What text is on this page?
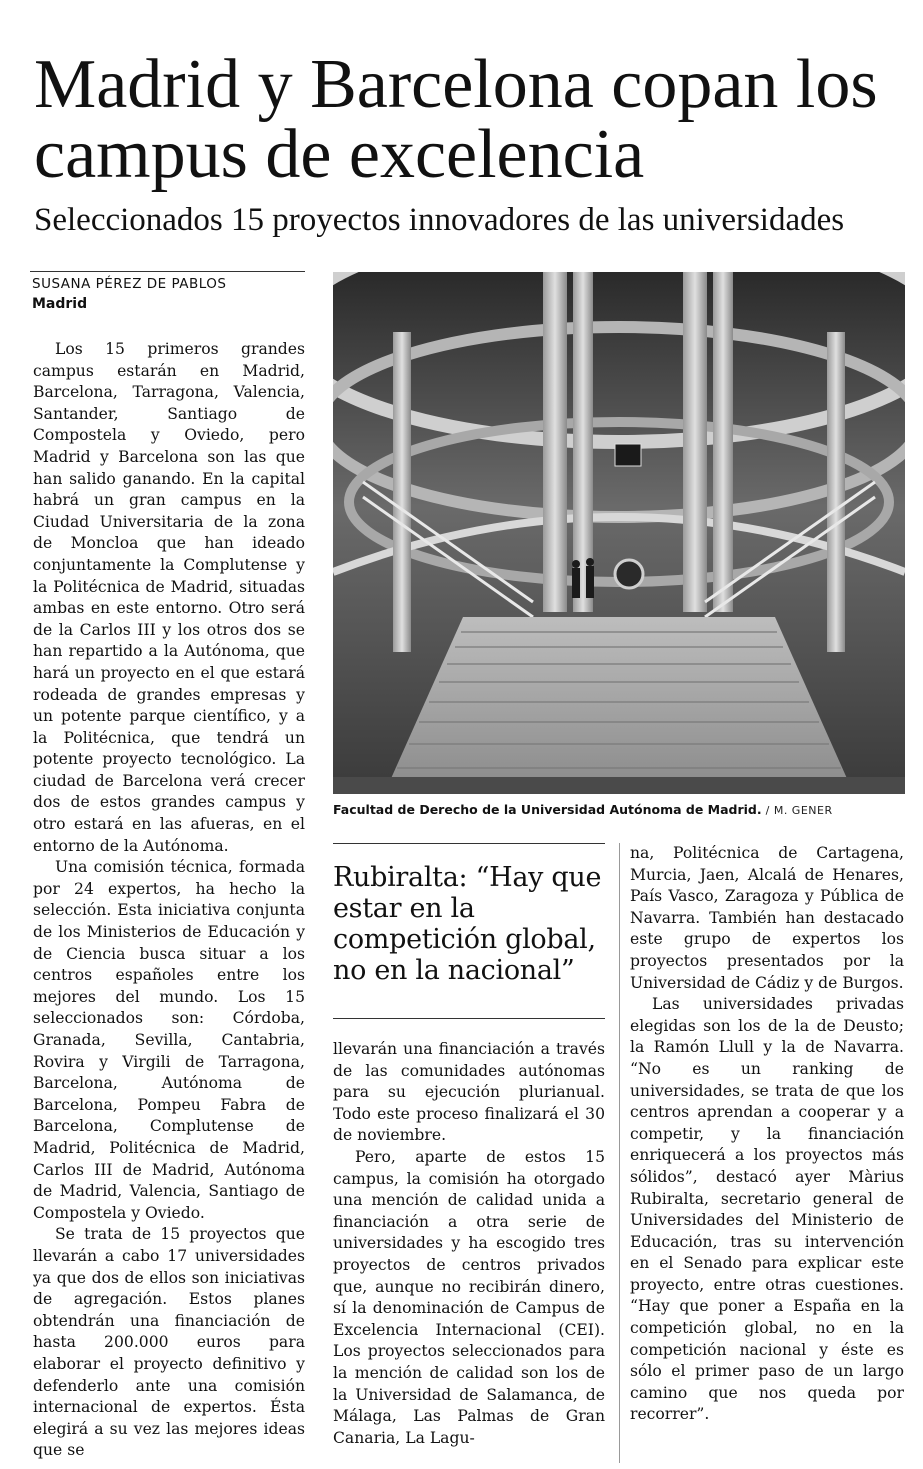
Madrid y Barcelona copan los campus de excelencia
Seleccionados 15 proyectos innovadores de las universidades
SUSANA PÉREZ DE PABLOS
Madrid

Los 15 primeros grandes campus estarán en Madrid, Barcelona, Tarragona, Valencia, Santander, Santiago de Compostela y Oviedo, pero Madrid y Barcelona son las que han salido ganando. En la capital habrá un gran campus en la Ciudad Universitaria de la zona de Moncloa que han ideado conjuntamente la Complutense y la Politécnica de Madrid, situadas ambas en este entorno. Otro será de la Carlos III y los otros dos se han repartido a la Autónoma, que hará un proyecto en el que estará rodeada de grandes empresas y un potente parque científico, y a la Politécnica, que tendrá un potente proyecto tecnológico. La ciudad de Barcelona verá crecer dos de estos grandes campus y otro estará en las afueras, en el entorno de la Autónoma.

Una comisión técnica, formada por 24 expertos, ha hecho la selección. Esta iniciativa conjunta de los Ministerios de Educación y de Ciencia busca situar a los centros españoles entre los mejores del mundo. Los 15 seleccionados son: Córdoba, Granada, Sevilla, Cantabria, Rovira y Virgili de Tarragona, Barcelona, Autónoma de Barcelona, Pompeu Fabra de Barcelona, Complutense de Madrid, Politécnica de Madrid, Carlos III de Madrid, Autónoma de Madrid, Valencia, Santiago de Compostela y Oviedo.

Se trata de 15 proyectos que llevarán a cabo 17 universidades ya que dos de ellos son iniciativas de agregación. Estos planes obtendrán una financiación de hasta 200.000 euros para elaborar el proyecto definitivo y defenderlo ante una comisión internacional de expertos. Ésta elegirá a su vez las mejores ideas que se

Facultad de Derecho de la Universidad Autónoma de Madrid. / M. GENER
Rubiralta: “Hay que estar en la competición global, no en la nacional”

llevarán una financiación a través de las comunidades autónomas para su ejecución plurianual. Todo este proceso finalizará el 30 de noviembre.

Pero, aparte de estos 15 campus, la comisión ha otorgado una mención de calidad unida a financiación a otra serie de universidades y ha escogido tres proyectos de centros privados que, aunque no recibirán dinero, sí la denominación de Campus de Excelencia Internacional (CEI). Los proyectos seleccionados para la mención de calidad son los de la Universidad de Salamanca, de Málaga, Las Palmas de Gran Canaria, La Lagu-

na, Politécnica de Cartagena, Murcia, Jaen, Alcalá de Henares, País Vasco, Zaragoza y Pública de Navarra. También han destacado este grupo de expertos los proyectos presentados por la Universidad de Cádiz y de Burgos.

Las universidades privadas elegidas son los de la de Deusto; la Ramón Llull y la de Navarra. “No es un ranking de universidades, se trata de que los centros aprendan a cooperar y a competir, y la financiación enriquecerá a los proyectos más sólidos”, destacó ayer Màrius Rubiralta, secretario general de Universidades del Ministerio de Educación, tras su intervención en el Senado para explicar este proyecto, entre otras cuestiones. “Hay que poner a España en la competición global, no en la competición nacional y éste es sólo el primer paso de un largo camino que nos queda por recorrer”.
